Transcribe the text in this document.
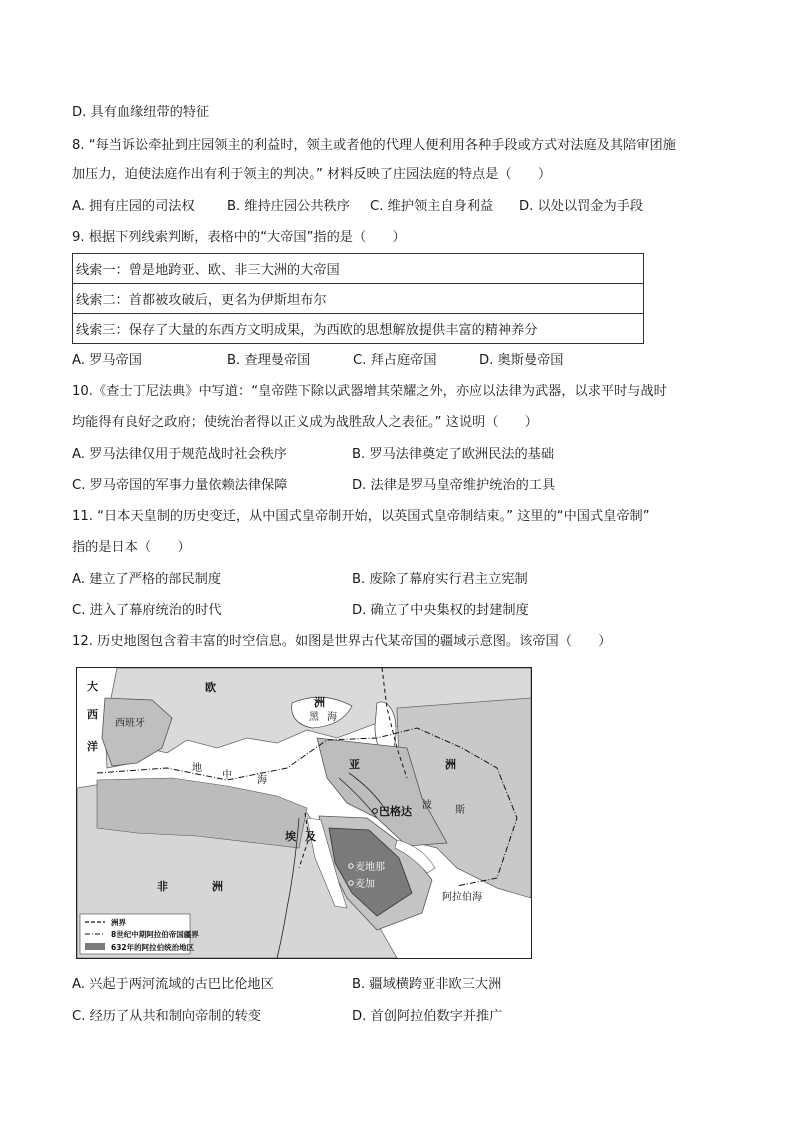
D. 具有血缘纽带的特征
8. “每当诉讼牵扯到庄园领主的利益时，领主或者他的代理人便利用各种手段或方式对法庭及其陪审团施
加压力，迫使法庭作出有利于领主的判决。” 材料反映了庄园法庭的特点是（　　）
A. 拥有庄园的司法权 B. 维持庄园公共秩序 C. 维护领主自身利益 D. 以处以罚金为手段
9. 根据下列线索判断，表格中的“大帝国”指的是（　　）
线索一：曾是地跨亚、欧、非三大洲的大帝国
线索二：首都被攻破后，更名为伊斯坦布尔
线索三：保存了大量的东西方文明成果，为西欧的思想解放提供丰富的精神养分
A. 罗马帝国	B. 查理曼帝国	C. 拜占庭帝国	D. 奥斯曼帝国
10.《查士丁尼法典》中写道：“皇帝陛下除以武器增其荣耀之外，亦应以法律为武器，以求平时与战时
均能得有良好之政府；使统治者得以正义成为战胜敌人之表征。” 这说明（　　）
A. 罗马法律仅用于规范战时社会秩序	B. 罗马法律奠定了欧洲民法的基础
C. 罗马帝国的军事力量依赖法律保障	D. 法律是罗马皇帝维护统治的工具
11. “日本天皇制的历史变迁，从中国式皇帝制开始，以英国式皇帝制结束。” 这里的“中国式皇帝制”
指的是日本（　　）
A. 建立了严格的部民制度	B. 废除了幕府实行君主立宪制
C. 进入了幕府统治的时代	D. 确立了中央集权的封建制度
12. 历史地图包含着丰富的时空信息。如图是世界古代某帝国的疆域示意图。该帝国（　　）
大
西
洋
欧
洲
西班牙
地
中	海
黑 海
亚	洲
巴格达 波 斯
埃 及
麦地那
麦加
非	洲
阿拉伯海
洲界
8世纪中期阿拉伯帝国疆界
632年的阿拉伯统治地区
A. 兴起于两河流域的古巴比伦地区	B. 疆域横跨亚非欧三大洲
C. 经历了从共和制向帝制的转变	D. 首创阿拉伯数字并推广
